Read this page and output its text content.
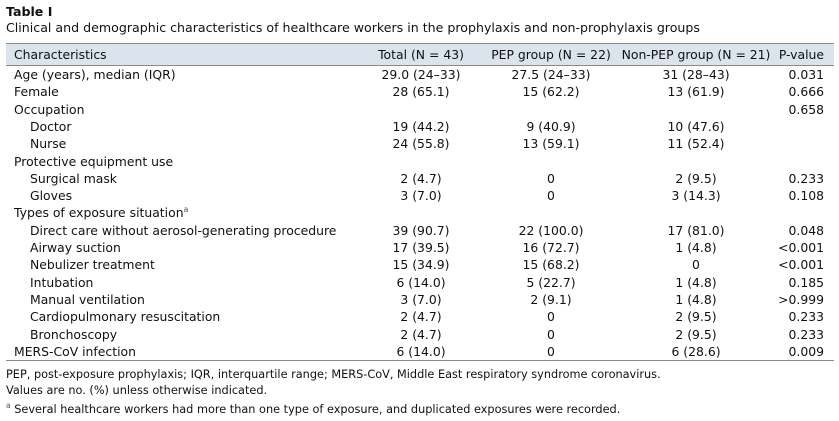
Table I
Clinical and demographic characteristics of healthcare workers in the prophylaxis and non-prophylaxis groups
Characteristics	Total (N = 43)	PEP group (N = 22)	Non-PEP group (N = 21)	P-value
Age (years), median (IQR)	29.0 (24–33)	27.5 (24–33)	31 (28–43)	0.031
Female	28 (65.1)	15 (62.2)	13 (61.9)	0.666
Occupation				0.658
Doctor	19 (44.2)	9 (40.9)	10 (47.6)	
Nurse	24 (55.8)	13 (59.1)	11 (52.4)	
Protective equipment use				
Surgical mask	2 (4.7)	0	2 (9.5)	0.233
Gloves	3 (7.0)	0	3 (14.3)	0.108
Types of exposure situation$^a$				
Direct care without aerosol-generating procedure	39 (90.7)	22 (100.0)	17 (81.0)	0.048
Airway suction	17 (39.5)	16 (72.7)	1 (4.8)	<0.001
Nebulizer treatment	15 (34.9)	15 (68.2)	0	<0.001
Intubation	6 (14.0)	5 (22.7)	1 (4.8)	0.185
Manual ventilation	3 (7.0)	2 (9.1)	1 (4.8)	>0.999
Cardiopulmonary resuscitation	2 (4.7)	0	2 (9.5)	0.233
Bronchoscopy	2 (4.7)	0	2 (9.5)	0.233
MERS-CoV infection	6 (14.0)	0	6 (28.6)	0.009
PEP, post-exposure prophylaxis; IQR, interquartile range; MERS-CoV, Middle East respiratory syndrome coronavirus.
Values are no. (%) unless otherwise indicated.
$^a$ Several healthcare workers had more than one type of exposure, and duplicated exposures were recorded.
